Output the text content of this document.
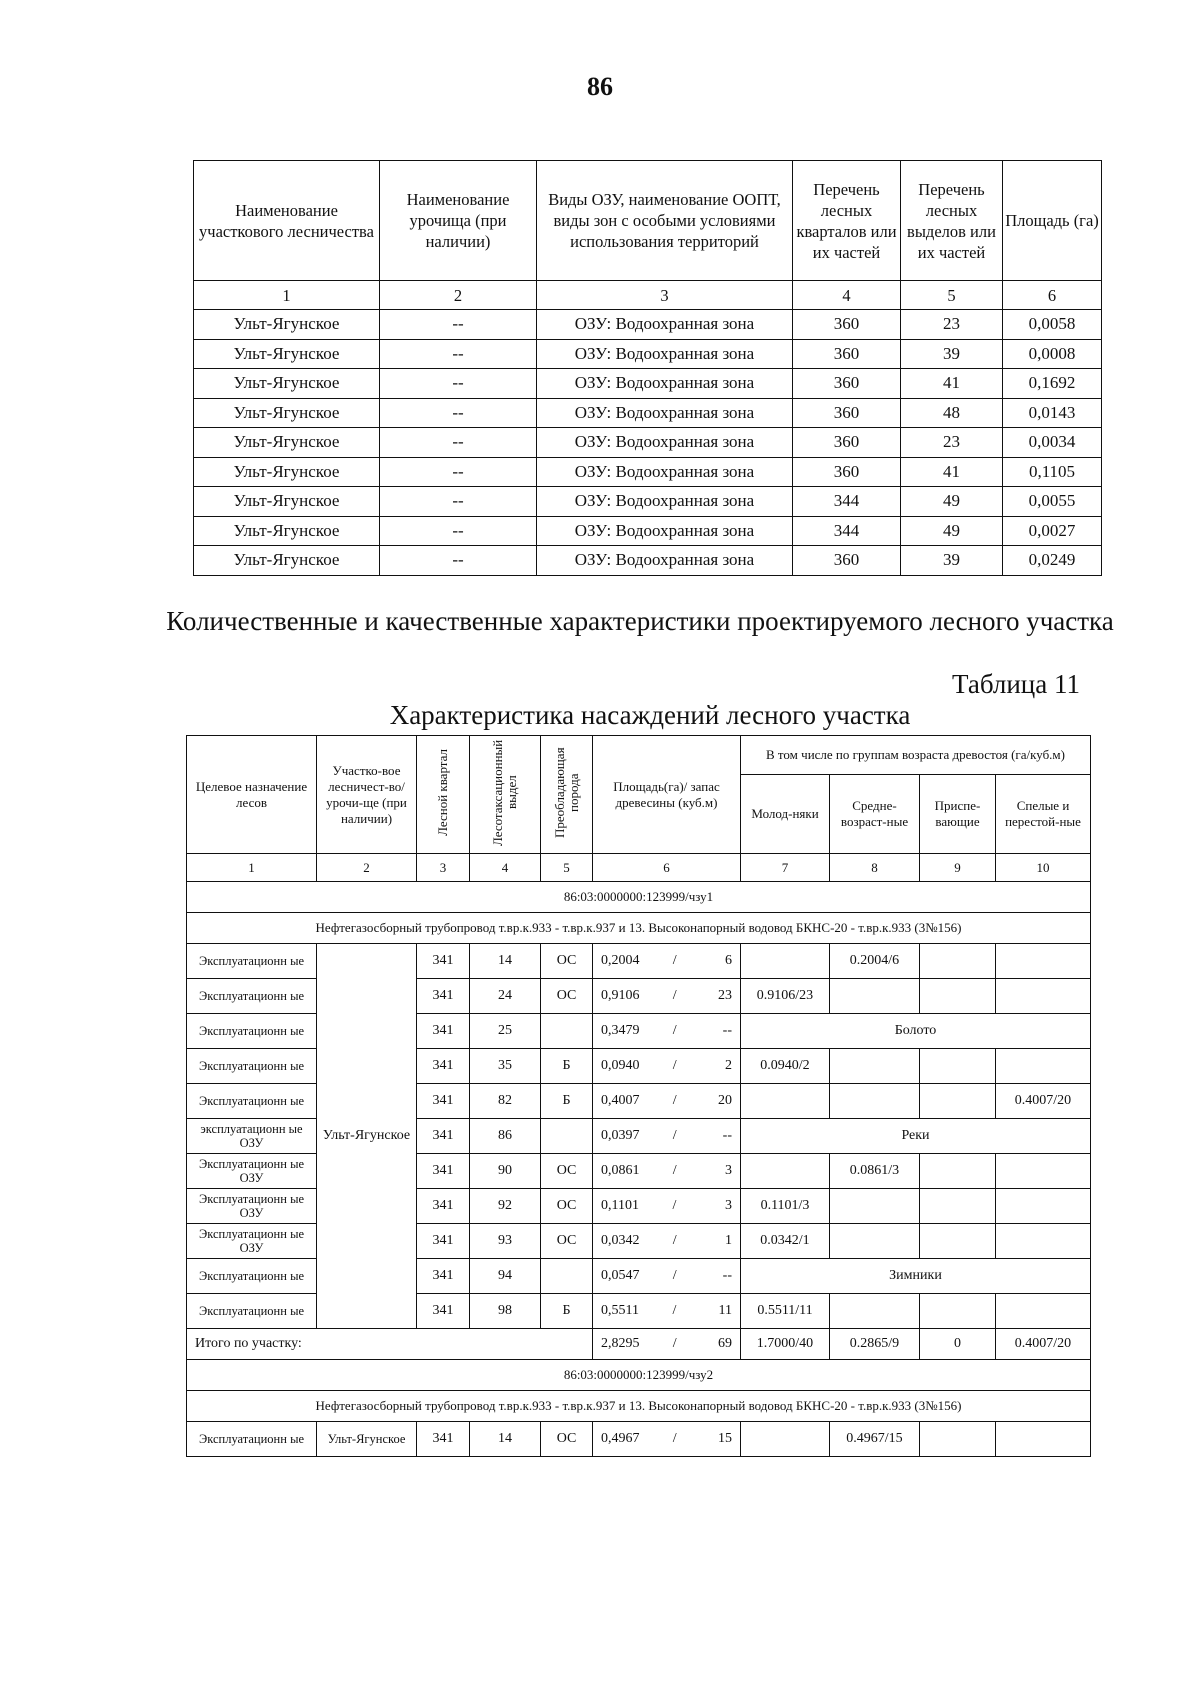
86
Наименование участкового лесничества	Наименование урочища (при наличии)	Виды ОЗУ, наименование ООПТ, виды зон с особыми условиями использования территорий	Перечень лесных кварталов или их частей	Перечень лесных выделов или их частей	Площадь (га)
1	2	3	4	5	6
Ульт-Ягунское	--	ОЗУ: Водоохранная зона	360	23	0,0058
Ульт-Ягунское	--	ОЗУ: Водоохранная зона	360	39	0,0008
Ульт-Ягунское	--	ОЗУ: Водоохранная зона	360	41	0,1692
Ульт-Ягунское	--	ОЗУ: Водоохранная зона	360	48	0,0143
Ульт-Ягунское	--	ОЗУ: Водоохранная зона	360	23	0,0034
Ульт-Ягунское	--	ОЗУ: Водоохранная зона	360	41	0,1105
Ульт-Ягунское	--	ОЗУ: Водоохранная зона	344	49	0,0055
Ульт-Ягунское	--	ОЗУ: Водоохранная зона	344	49	0,0027
Ульт-Ягунское	--	ОЗУ: Водоохранная зона	360	39	0,0249
Количественные и качественные характеристики проектируемого лесного участка
Таблица 11
Характеристика насаждений лесного участка
Целевое назначение лесов	Участко-вое лесничест-во/урочи-ще (при наличии)	Лесной квартал	Лесотаксационный выдел	Преобладающая порода	Площадь(га)/ запас древесины (куб.м)	В том числе по группам возраста древостоя (га/куб.м)			
						Молод-няки	Средне-возраст-ные	Приспе-вающие	Спелые и перестой-ные
1	2	3	4	5	6	7	8	9	10
86:03:0000000:123999/чзу1									
Нефтегазосборный трубопровод т.вр.к.933 - т.вр.к.937 и 13. Высоконапорный водовод БКНС-20 - т.вр.к.933 (3№156)									
Эксплуатационн ые	Ульт-Ягунское	341	14	ОС	0,2004 / 6		0.2004/6		
Эксплуатационн ые		341	24	ОС	0,9106 / 23	0.9106/23			
Эксплуатационн ые		341	25		0,3479 / --	Болото			
Эксплуатационн ые		341	35	Б	0,0940 / 2	0.0940/2			
Эксплуатационн ые		341	82	Б	0,4007 / 20				0.4007/20
эксплуатационн ые ОЗУ		341	86		0,0397 / --	Реки			
Эксплуатационн ые ОЗУ		341	90	ОС	0,0861 / 3		0.0861/3		
Эксплуатационн ые ОЗУ		341	92	ОС	0,1101 / 3	0.1101/3			
Эксплуатационн ые ОЗУ		341	93	ОС	0,0342 / 1	0.0342/1			
Эксплуатационн ые		341	94		0,0547 / --	Зимники			
Эксплуатационн ые		341	98	Б	0,5511 / 11	0.5511/11			
Итого по участку:					2,8295 / 69	1.7000/40	0.2865/9	0	0.4007/20
86:03:0000000:123999/чзу2									
Нефтегазосборный трубопровод т.вр.к.933 - т.вр.к.937 и 13. Высоконапорный водовод БКНС-20 - т.вр.к.933 (3№156)									
Эксплуатационн ые	Ульт-Ягунское	341	14	ОС	0,4967 / 15		0.4967/15		
